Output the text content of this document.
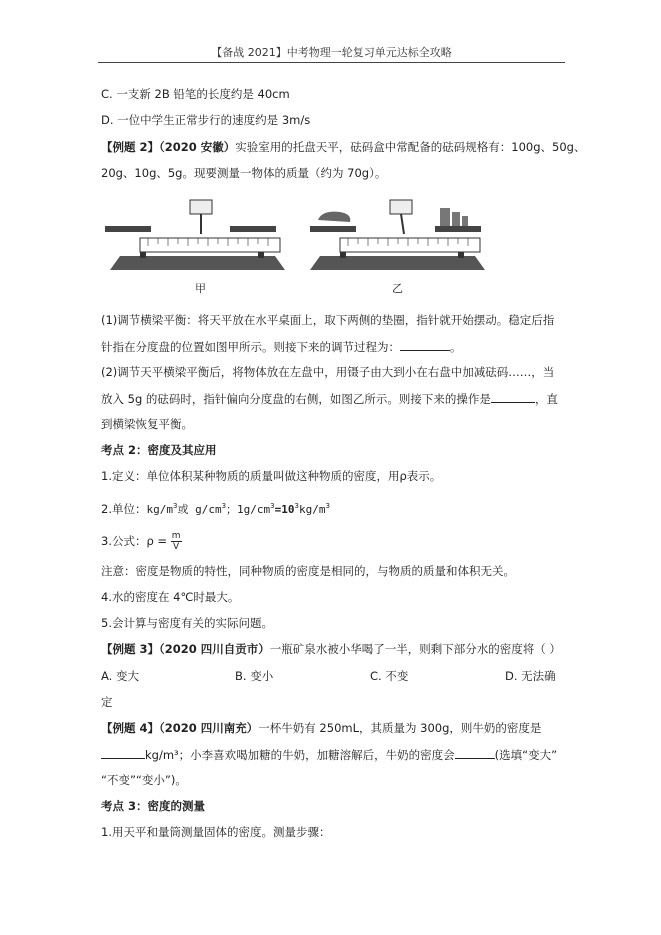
【备战 2021】中考物理一轮复习单元达标全攻略
C. 一支新 2B 铅笔的长度约是 40cm
D. 一位中学生正常步行的速度约是 3m/s
【例题 2】（2020 安徽）实验室用的托盘天平，砝码盒中常配备的砝码规格有：100g、50g、
20g、10g、5g。现要测量一物体的质量（约为 70g）。
甲	乙
(1)调节横梁平衡：将天平放在水平桌面上，取下两侧的垫圈，指针就开始摆动。稳定后指
针指在分度盘的位置如图甲所示。则接下来的调节过程为：	。
(2)调节天平横梁平衡后，将物体放在左盘中，用镊子由大到小在右盘中加减砝码……，当
放入 5g 的砝码时，指针偏向分度盘的右侧，如图乙所示。则接下来的操作是	，直
到横梁恢复平衡。
考点 2：密度及其应用
1.定义：单位体积某种物质的质量叫做这种物质的密度，用ρ表示。
2.单位：$kg/m^3$或 $g/cm^3$；$1g/cm^3=10^3kg/m^3$
3.公式：$\rho = \frac{m}{V}$
注意：密度是物质的特性，同种物质的密度是相同的，与物质的质量和体积无关。
4.水的密度在 4℃时最大。
5.会计算与密度有关的实际问题。
【例题 3】（2020 四川自贡市）一瓶矿泉水被小华喝了一半，则剩下部分水的密度将（ ）
A. 变大	B. 变小	C. 不变	D. 无法确
定
【例题 4】（2020 四川南充）一杯牛奶有 250mL，其质量为 300g，则牛奶的密度是
kg/m³；小李喜欢喝加糖的牛奶，加糖溶解后，牛奶的密度会	(选填“变大”
“不变”“变小”)。
考点 3：密度的测量
1.用天平和量筒测量固体的密度。测量步骤：
